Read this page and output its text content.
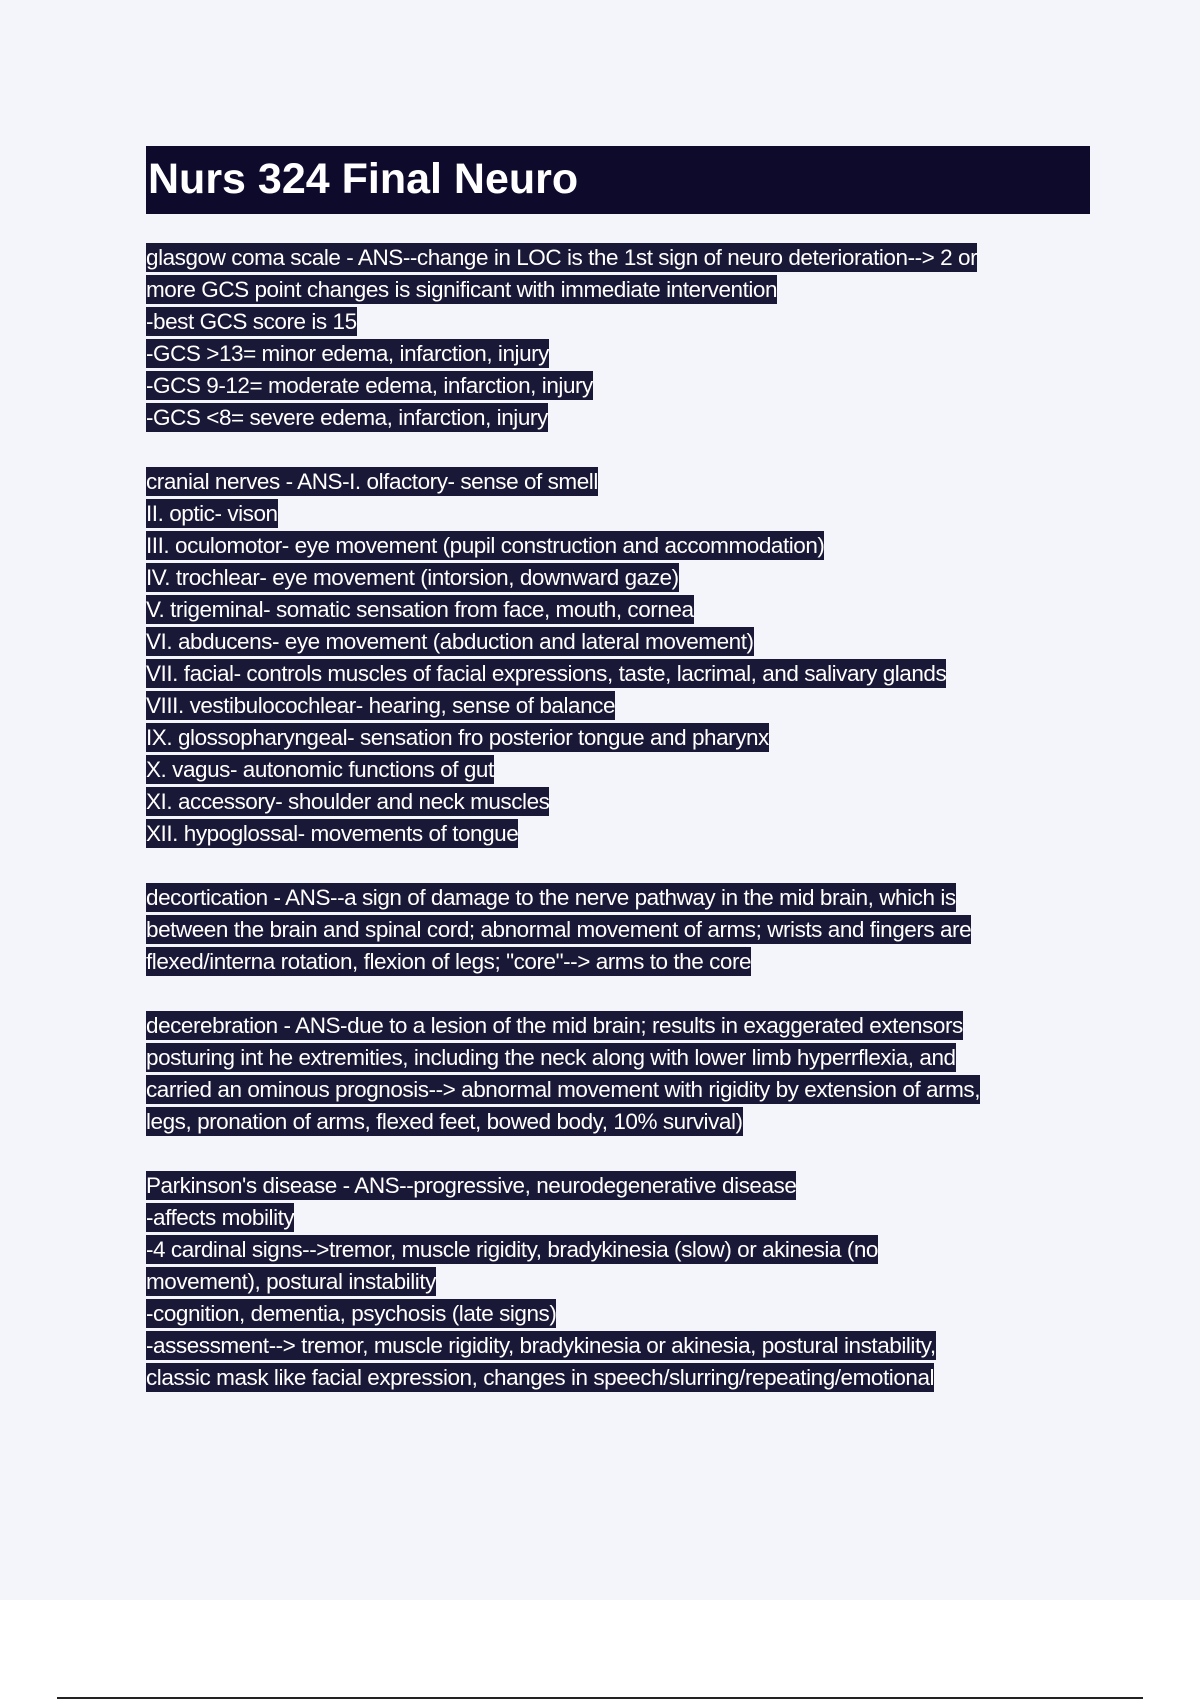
Nurs 324 Final Neuro
glasgow coma scale - ANS--change in LOC is the 1st sign of neuro deterioration--> 2 or
more GCS point changes is significant with immediate intervention
-best GCS score is 15
-GCS >13= minor edema, infarction, injury
-GCS 9-12= moderate edema, infarction, injury
-GCS <8= severe edema, infarction, injury
cranial nerves - ANS-I. olfactory- sense of smell
II. optic- vison
III. oculomotor- eye movement (pupil construction and accommodation)
IV. trochlear- eye movement (intorsion, downward gaze)
V. trigeminal- somatic sensation from face, mouth, cornea
VI. abducens- eye movement (abduction and lateral movement)
VII. facial- controls muscles of facial expressions, taste, lacrimal, and salivary glands
VIII. vestibulocochlear- hearing, sense of balance
IX. glossopharyngeal- sensation fro posterior tongue and pharynx
X. vagus- autonomic functions of gut
XI. accessory- shoulder and neck muscles
XII. hypoglossal- movements of tongue
decortication - ANS--a sign of damage to the nerve pathway in the mid brain, which is
between the brain and spinal cord; abnormal movement of arms; wrists and fingers are
flexed/interna rotation, flexion of legs; "core"--> arms to the core
decerebration - ANS-due to a lesion of the mid brain; results in exaggerated extensors
posturing int he extremities, including the neck along with lower limb hyperrflexia, and
carried an ominous prognosis--> abnormal movement with rigidity by extension of arms,
legs, pronation of arms, flexed feet, bowed body, 10% survival)
Parkinson's disease - ANS--progressive, neurodegenerative disease
-affects mobility
-4 cardinal signs-->tremor, muscle rigidity, bradykinesia (slow) or akinesia (no
movement), postural instability
-cognition, dementia, psychosis (late signs)
-assessment--> tremor, muscle rigidity, bradykinesia or akinesia, postural instability,
classic mask like facial expression, changes in speech/slurring/repeating/emotional
